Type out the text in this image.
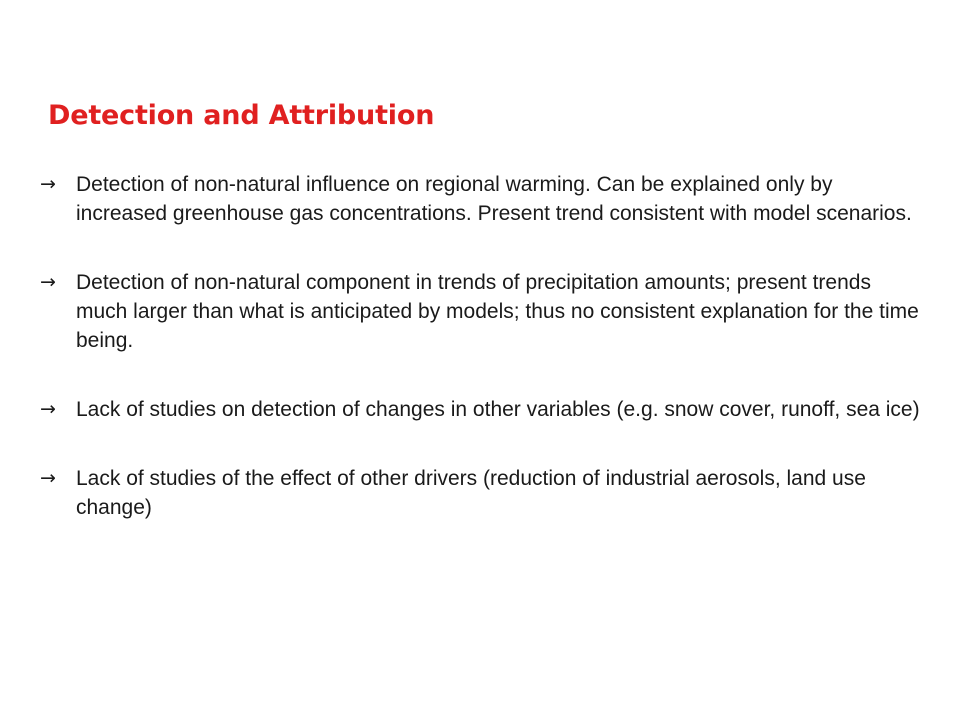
Detection and Attribution
→ Detection of non-natural influence on regional warming. Can be explained only by increased greenhouse gas concentrations. Present trend consistent with model scenarios.
→ Detection of non-natural component in trends of precipitation amounts; present trends much larger than what is anticipated by models; thus no consistent explanation for the time being.
→ Lack of studies on detection of changes in other variables (e.g. snow cover, runoff, sea ice)
→ Lack of studies of the effect of other drivers (reduction of industrial aerosols, land use change)
